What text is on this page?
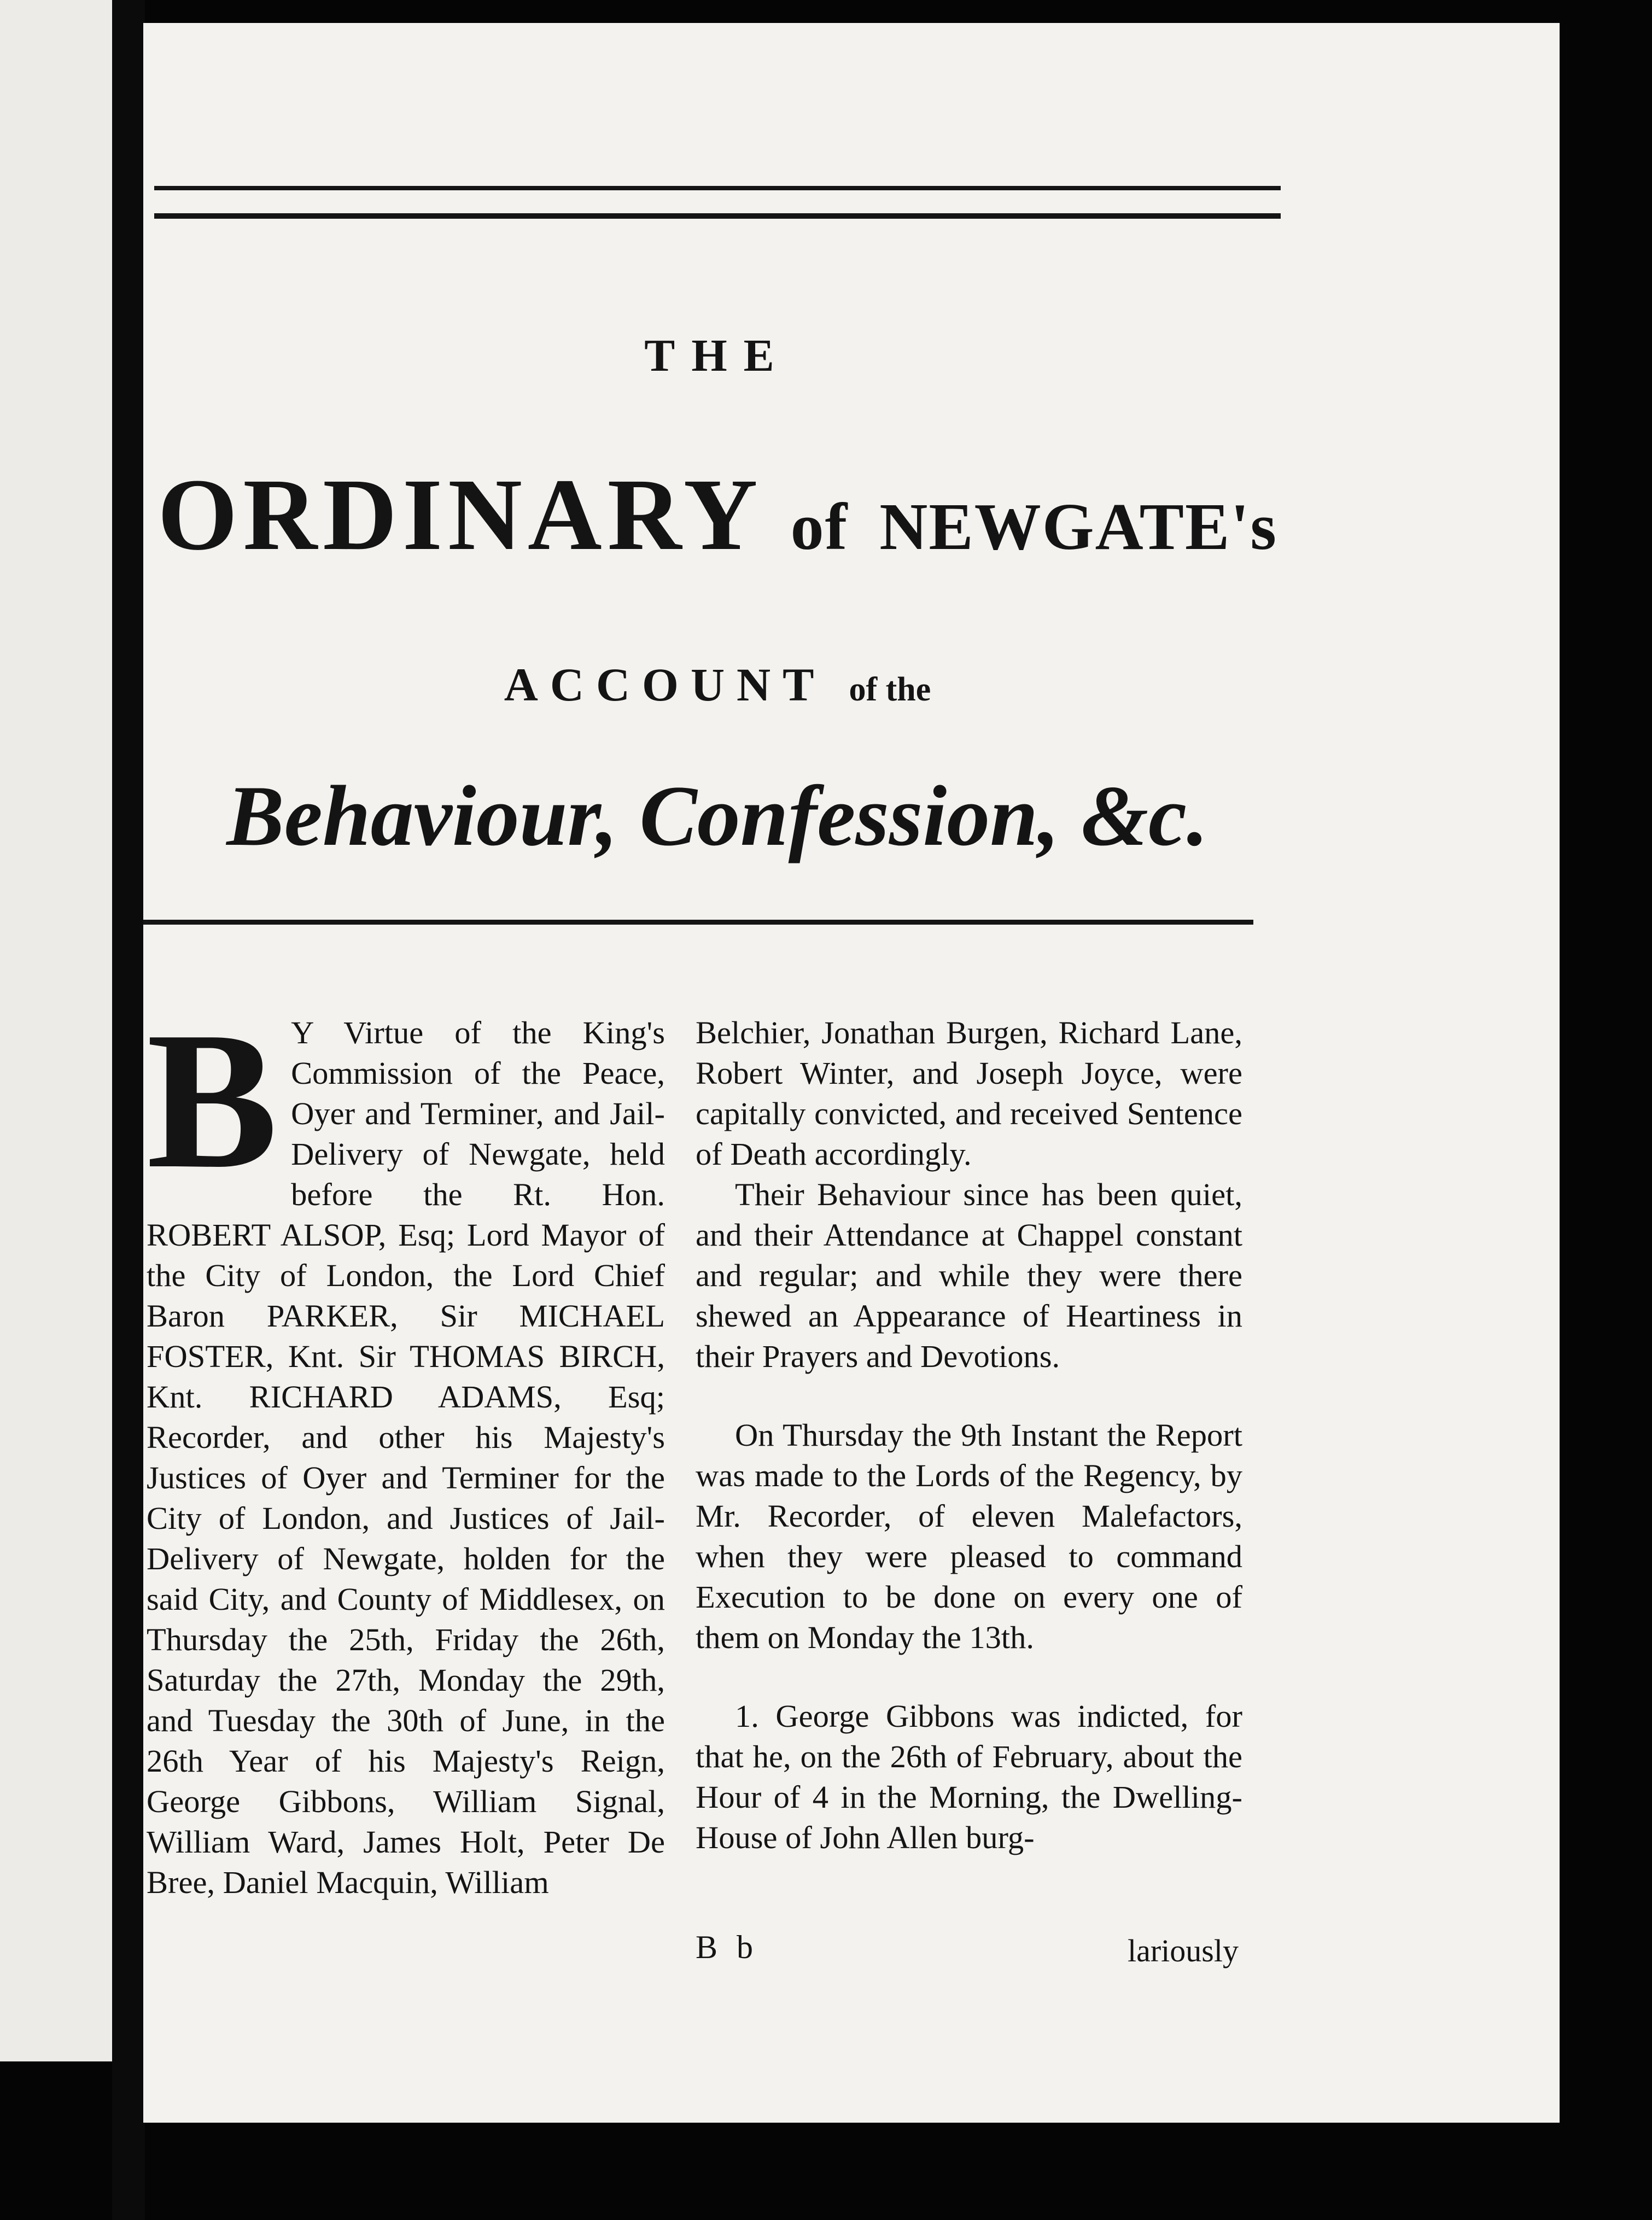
THE
ORDINARY of NEWGATE's
ACCOUNT of the
Behaviour, Confession, &c.
B Y Virtue of the King's Commission of the Peace, Oyer and Terminer, and Jail-Delivery of Newgate, held before the Rt. Hon. ROBERT ALSOP, Esq; Lord Mayor of the City of London, the Lord Chief Baron PARKER, Sir MICHAEL FOSTER, Knt. Sir THOMAS BIRCH, Knt. RICHARD ADAMS, Esq; Recorder, and other his Majesty's Justices of Oyer and Terminer for the City of London, and Justices of Jail-Delivery of Newgate, holden for the said City, and County of Middlesex, on Thursday the 25th, Friday the 26th, Saturday the 27th, Monday the 29th, and Tuesday the 30th of June, in the 26th Year of his Majesty's Reign, George Gibbons, William Signal, William Ward, James Holt, Peter De Bree, Daniel Macquin, William

Belchier, Jonathan Burgen, Richard Lane, Robert Winter, and Joseph Joyce, were capitally convicted, and received Sentence of Death accordingly.

Their Behaviour since has been quiet, and their Attendance at Chappel constant and regular; and while they were there shewed an Appearance of Heartiness in their Prayers and Devotions.

On Thursday the 9th Instant the Report was made to the Lords of the Regency, by Mr. Recorder, of eleven Malefactors, when they were pleased to command Execution to be done on every one of them on Monday the 13th.

1. George Gibbons was indicted, for that he, on the 26th of February, about the Hour of 4 in the Morning, the Dwelling-House of John Allen burg-

B b	lariously
